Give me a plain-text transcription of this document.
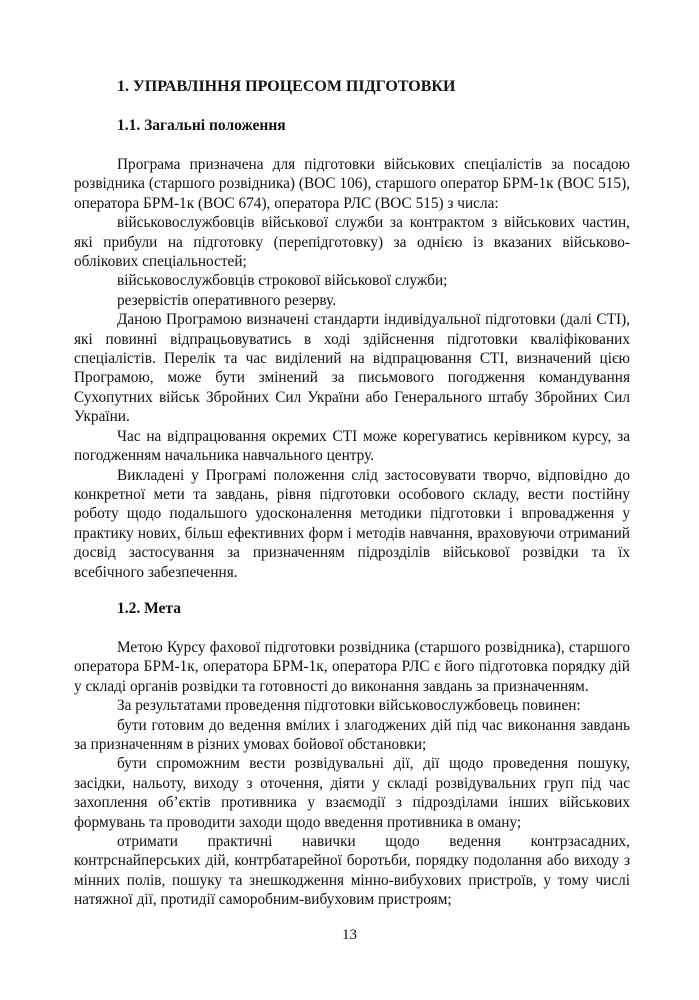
1. УПРАВЛІННЯ ПРОЦЕСОМ ПІДГОТОВКИ
1.1. Загальні положення

Програма призначена для підготовки військових спеціалістів за посадою розвідника (старшого розвідника) (ВОС 106), старшого оператор БРМ-1к (ВОС 515), оператора БРМ-1к (ВОС 674), оператора РЛС (ВОС 515) з числа:

військовослужбовців військової служби за контрактом з військових частин, які прибули на підготовку (перепідготовку) за однією із вказаних військово-облікових спеціальностей;

військовослужбовців строкової військової служби;

резервістів оперативного резерву.

Даною Програмою визначені стандарти індивідуальної підготовки (далі СТІ), які повинні відпрацьовуватись в ході здійснення підготовки кваліфікованих спеціалістів. Перелік та час виділений на відпрацювання СТІ, визначений цією Програмою, може бути змінений за письмового погодження командування Сухопутних військ Збройних Сил України або Генерального штабу Збройних Сил України.

Час на відпрацювання окремих СТІ може корегуватись керівником курсу, за погодженням начальника навчального центру.

Викладені у Програмі положення слід застосовувати творчо, відповідно до конкретної мети та завдань, рівня підготовки особового складу, вести постійну роботу щодо подальшого удосконалення методики підготовки і впровадження у практику нових, більш ефективних форм і методів навчання, враховуючи отриманий досвід застосування за призначенням підрозділів військової розвідки та їх всебічного забезпечення.

1.2. Мета

Метою Курсу фахової підготовки розвідника (старшого розвідника), старшого оператора БРМ-1к, оператора БРМ-1к, оператора РЛС є його підготовка порядку дій у складі органів розвідки та готовності до виконання завдань за призначенням.

За результатами проведення підготовки військовослужбовець повинен:

бути готовим до ведення вмілих і злагоджених дій під час виконання завдань за призначенням в різних умовах бойової обстановки;

бути спроможним вести розвідувальні дії, дії щодо проведення пошуку, засідки, нальоту, виходу з оточення, діяти у складі розвідувальних груп під час захоплення об’єктів противника у взаємодії з підрозділами інших військових формувань та проводити заходи щодо введення противника в оману;

отримати практичні навички щодо ведення контрзасадних, контрснайперських дій, контрбатарейної боротьби, порядку подолання або виходу з мінних полів, пошуку та знешкодження мінно-вибухових пристроїв, у тому числі натяжної дії, протидії саморобним-вибуховим пристроям;

13
